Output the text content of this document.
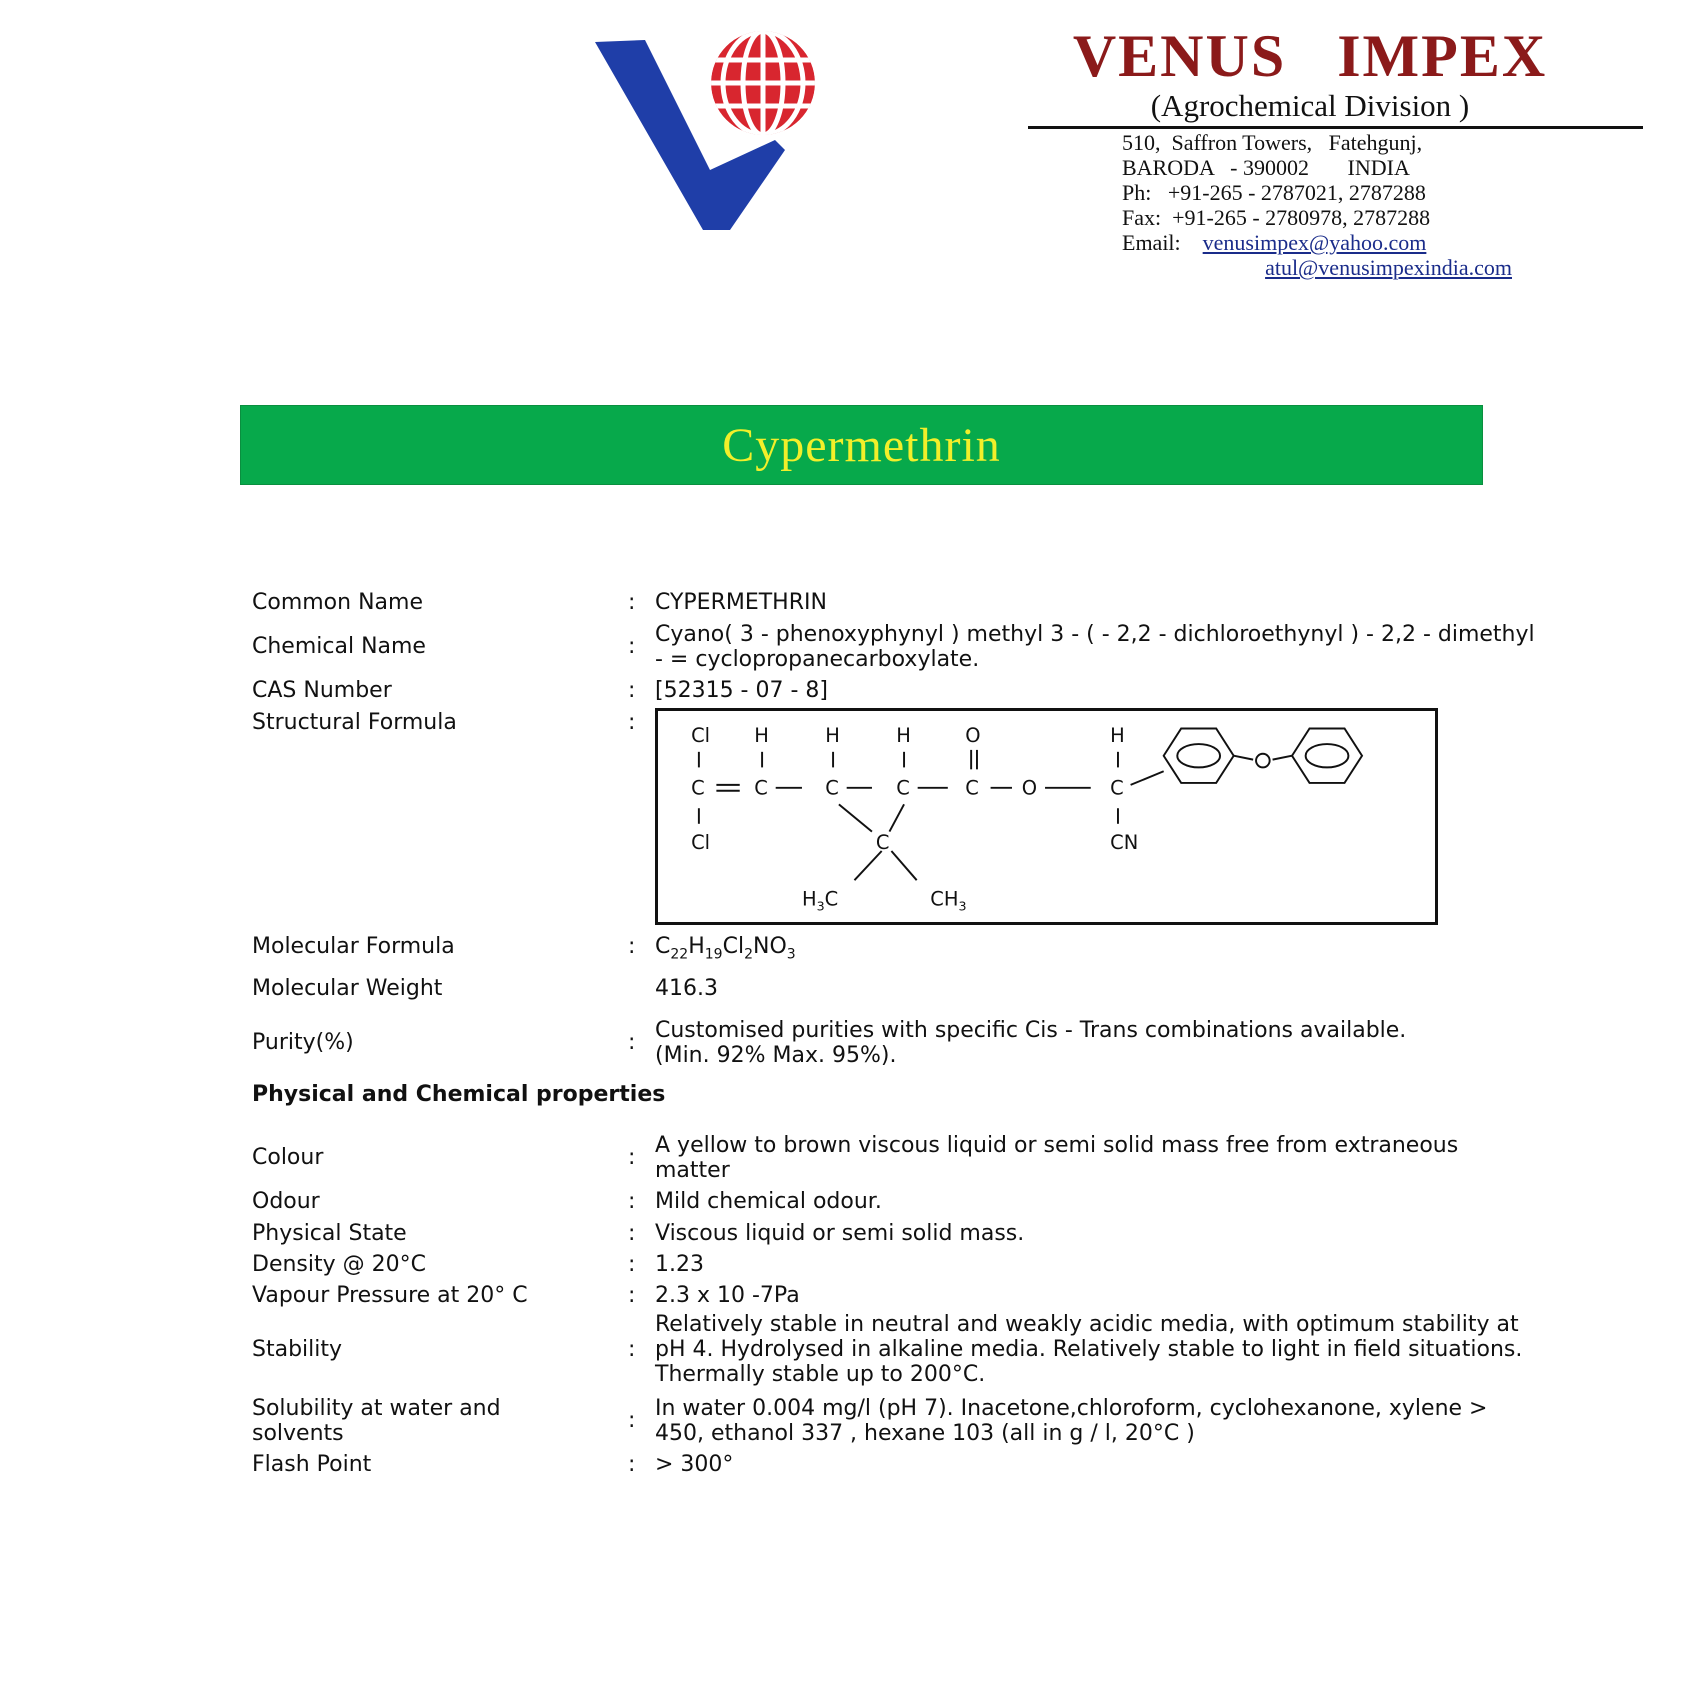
VENUS IMPEX
(Agrochemical Division )
510,  Saffron Towers,   Fatehgunj,
BARODA   - 390002       INDIA
Ph:   +91-265 - 2787021, 2787288
Fax:  +91-265 - 2780978, 2787288
Email: venusimpex@yahoo.com
atul@venusimpexindia.com
Cypermethrin
Common Name	: CYPERMETHRIN
Chemical Name	: Cyano( 3 - phenoxyphynyl ) methyl 3 - ( - 2,2 - dichloroethynyl ) - 2,2 - dimethyl
- = cyclopropanecarboxylate.
CAS Number	: [52315 - 07 - 8]
Structural Formula	:
Cl H	H	H	O	H
C C	C	C	C O	C
Cl	C	CN
$H_3C$	$CH_3$
Molecular Formula	: $C_{22}H_{19}Cl_2NO_3$
Molecular Weight	416.3
Purity(%)	: Customised purities with specific Cis - Trans combinations available.
(Min. 92% Max. 95%).
Physical and Chemical properties
Colour	: A yellow to brown viscous liquid or semi solid mass free from extraneous
matter
Odour	: Mild chemical odour.
Physical State	: Viscous liquid or semi solid mass.
Density @ 20°C	: 1.23
Vapour Pressure at 20° C	: 2.3 x 10 -7Pa
Stability	:
Relatively stable in neutral and weakly acidic media, with optimum stability at
pH 4. Hydrolysed in alkaline media. Relatively stable to light in field situations.
Thermally stable up to 200°C.
Solubility at water and
solvents
: In water 0.004 mg/l (pH 7). Inacetone,chloroform, cyclohexanone, xylene >
450, ethanol 337 , hexane 103 (all in g / l, 20°C )
Flash Point	: > 300°
